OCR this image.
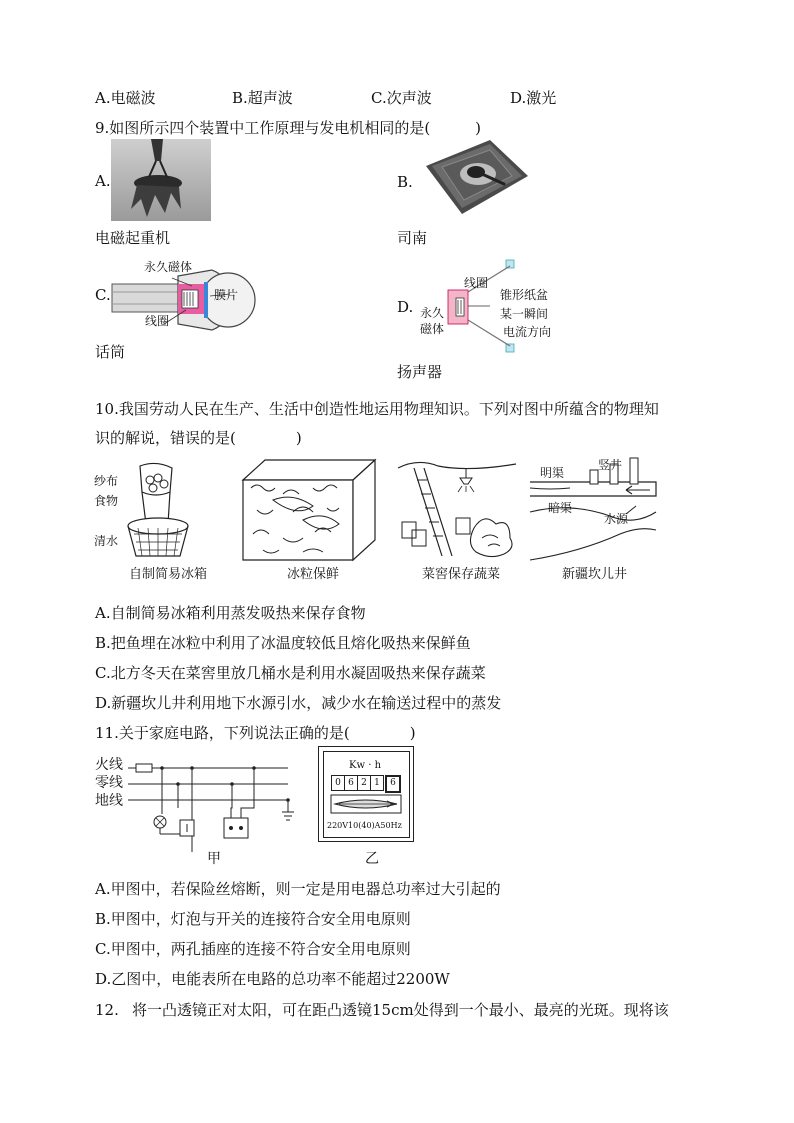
A.电磁波	B.超声波	C.次声波	D.激光
9.如图所示四个装置中工作原理与发电机相同的是(　　　)
A.
电磁起重机
B.
司南
C.
永久磁体
膜片
线圈
话筒
D.
线圈
永久
磁体
锥形纸盆
某一瞬间
电流方向
扬声器
10.我国劳动人民在生产、生活中创造性地运用物理知识。下列对图中所蕴含的物理知
识的解说，错误的是(　　　　)
纱布
食物
清水
明渠
竖井
暗渠
水源
自制简易冰箱	冰粒保鲜	菜窖保存蔬菜	新疆坎儿井
A.自制简易冰箱利用蒸发吸热来保存食物
B.把鱼埋在冰粒中利用了冰温度较低且熔化吸热来保鲜鱼
C.北方冬天在菜窖里放几桶水是利用水凝固吸热来保存蔬菜
D.新疆坎儿井利用地下水源引水，减少水在输送过程中的蒸发
11.关于家庭电路，下列说法正确的是(　　　　)
火线
零线
地线
甲
Kw · h
0 6 2 1	6
220V10(40)A50Hz
乙
A.甲图中，若保险丝熔断，则一定是用电器总功率过大引起的
B.甲图中，灯泡与开关的连接符合安全用电原则
C.甲图中，两孔插座的连接不符合安全用电原则
D.乙图中，电能表所在电路的总功率不能超过2200W
12. 将一凸透镜正对太阳，可在距凸透镜15cm处得到一个最小、最亮的光斑。现将该
